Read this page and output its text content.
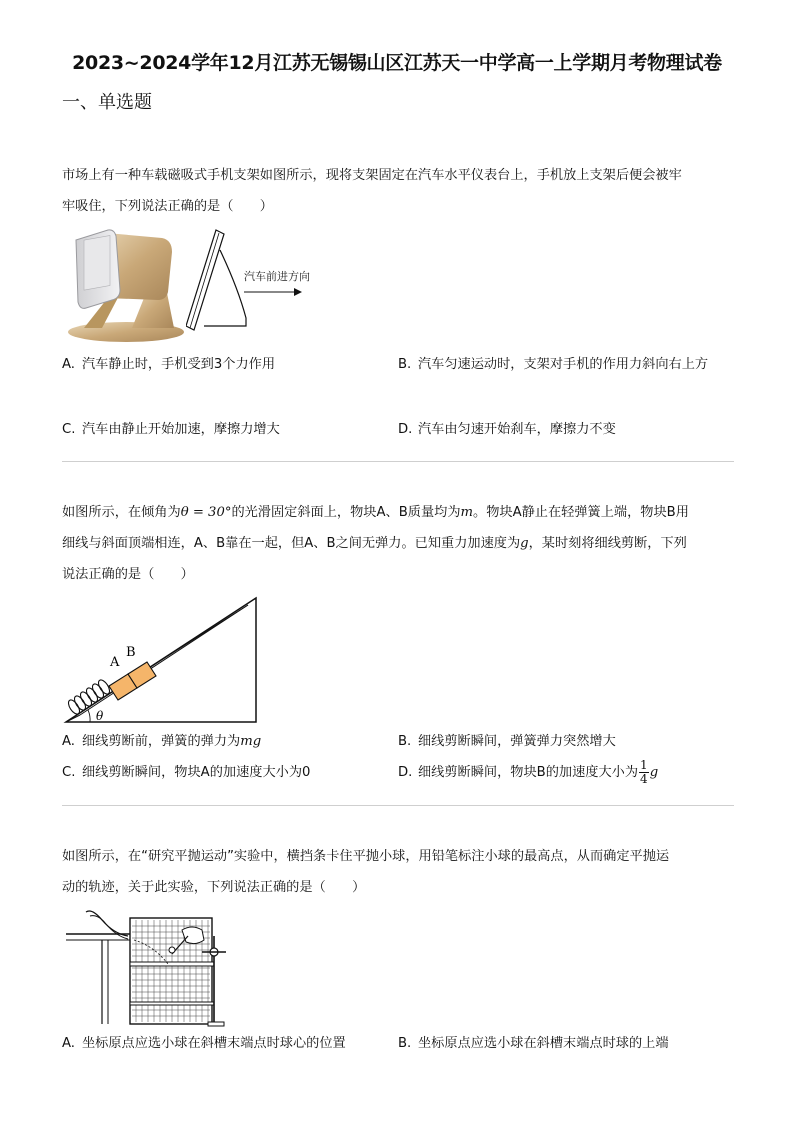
2023~2024学年12月江苏无锡锡山区江苏天一中学高一上学期月考物理试卷
一、单选题

市场上有一种车载磁吸式手机支架如图所示，现将支架固定在汽车水平仪表台上，手机放上支架后便会被牢
牢吸住，下列说法正确的是（　　）

汽车前进方向
A. 汽车静止时，手机受到3个力作用	B. 汽车匀速运动时，支架对手机的作用力斜向右上方
C. 汽车由静止开始加速，摩擦力增大	D. 汽车由匀速开始刹车，摩擦力不变

如图所示，在倾角为θ = 30°的光滑固定斜面上，物块A、B质量均为m。物块A静止在轻弹簧上端，物块B用
细线与斜面顶端相连，A、B靠在一起，但A、B之间无弹力。已知重力加速度为g，某时刻将细线剪断，下列
说法正确的是（　　）

A
B
θ
A. 细线剪断前，弹簧的弹力为mg	B. 细线剪断瞬间，弹簧弹力突然增大
C. 细线剪断瞬间，物块A的加速度大小为0	D. 细线剪断瞬间，物块B的加速度大小为 $\frac{1}{4}$ g

如图所示，在“研究平抛运动”实验中，横挡条卡住平抛小球，用铅笔标注小球的最高点，从而确定平抛运
动的轨迹，关于此实验，下列说法正确的是（　　）

A. 坐标原点应选小球在斜槽末端点时球心的位置	B. 坐标原点应选小球在斜槽末端点时球的上端
